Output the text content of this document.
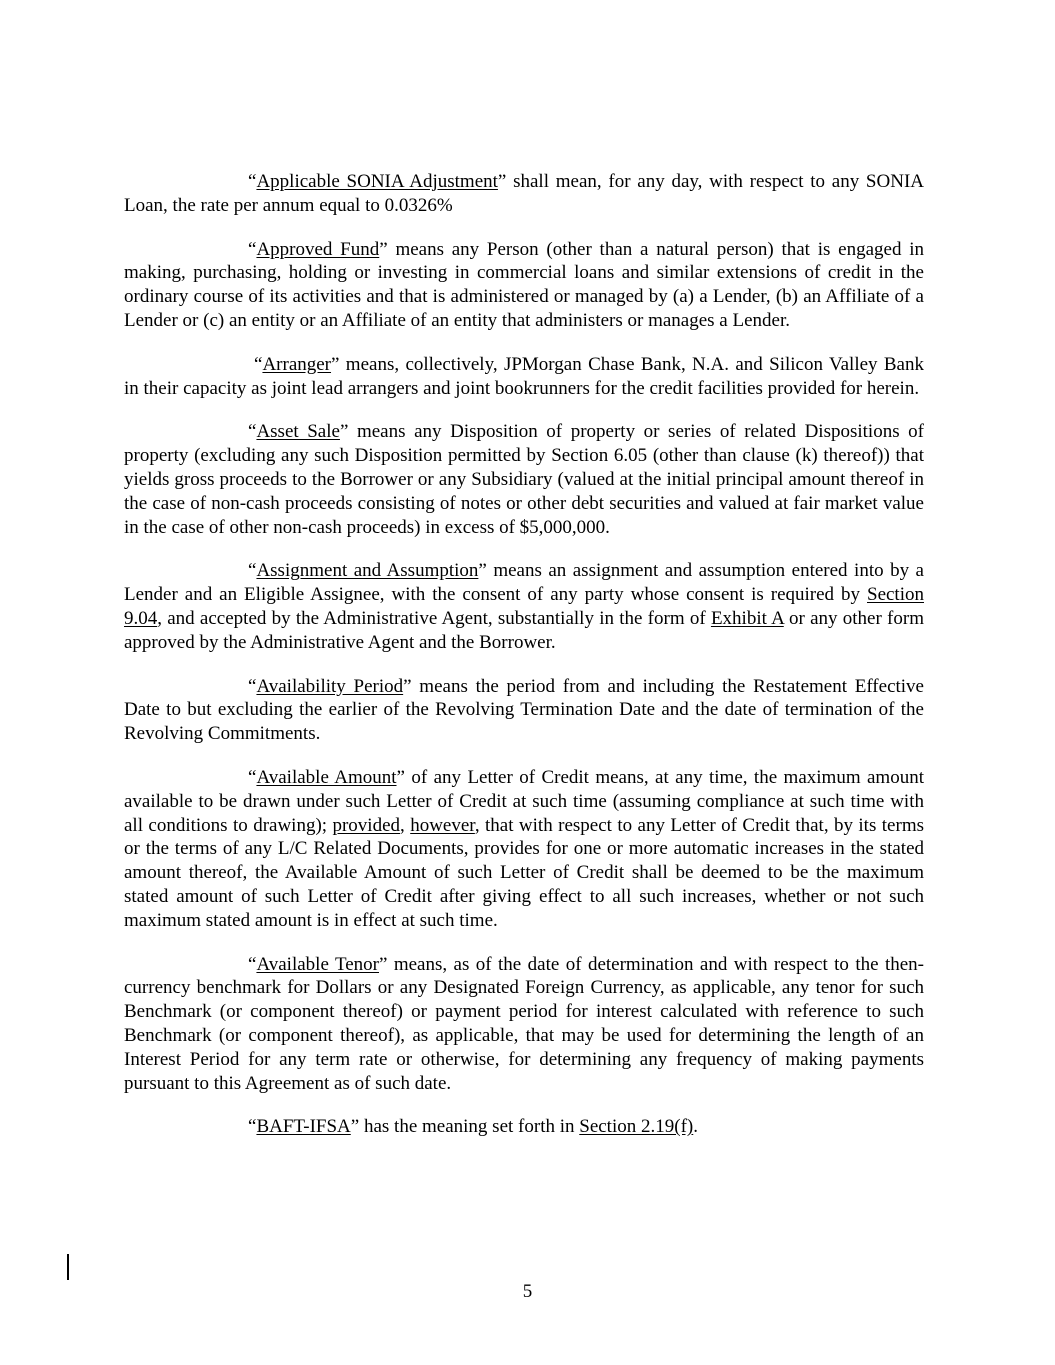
“Applicable SONIA Adjustment” shall mean, for any day, with respect to any SONIA Loan, the rate per annum equal to 0.0326%

“Approved Fund” means any Person (other than a natural person) that is engaged in making, purchasing, holding or investing in commercial loans and similar extensions of credit in the ordinary course of its activities and that is administered or managed by (a) a Lender, (b) an Affiliate of a Lender or (c) an entity or an Affiliate of an entity that administers or manages a Lender.

“Arranger” means, collectively, JPMorgan Chase Bank, N.A. and Silicon Valley Bank in their capacity as joint lead arrangers and joint bookrunners for the credit facilities provided for herein.

“Asset Sale” means any Disposition of property or series of related Dispositions of property (excluding any such Disposition permitted by Section 6.05 (other than clause (k) thereof)) that yields gross proceeds to the Borrower or any Subsidiary (valued at the initial principal amount thereof in the case of non-cash proceeds consisting of notes or other debt securities and valued at fair market value in the case of other non-cash proceeds) in excess of $5,000,000.

“Assignment and Assumption” means an assignment and assumption entered into by a Lender and an Eligible Assignee, with the consent of any party whose consent is required by Section 9.04, and accepted by the Administrative Agent, substantially in the form of Exhibit A or any other form approved by the Administrative Agent and the Borrower.

“Availability Period” means the period from and including the Restatement Effective Date to but excluding the earlier of the Revolving Termination Date and the date of termination of the Revolving Commitments.

“Available Amount” of any Letter of Credit means, at any time, the maximum amount available to be drawn under such Letter of Credit at such time (assuming compliance at such time with all conditions to drawing); provided, however, that with respect to any Letter of Credit that, by its terms or the terms of any L/C Related Documents, provides for one or more automatic increases in the stated amount thereof, the Available Amount of such Letter of Credit shall be deemed to be the maximum stated amount of such Letter of Credit after giving effect to all such increases, whether or not such maximum stated amount is in effect at such time.

“Available Tenor” means, as of the date of determination and with respect to the then-currency benchmark for Dollars or any Designated Foreign Currency, as applicable, any tenor for such Benchmark (or component thereof) or payment period for interest calculated with reference to such Benchmark (or component thereof), as applicable, that may be used for determining the length of an Interest Period for any term rate or otherwise, for determining any frequency of making payments pursuant to this Agreement as of such date.

“BAFT-IFSA” has the meaning set forth in Section 2.19(f).

5
